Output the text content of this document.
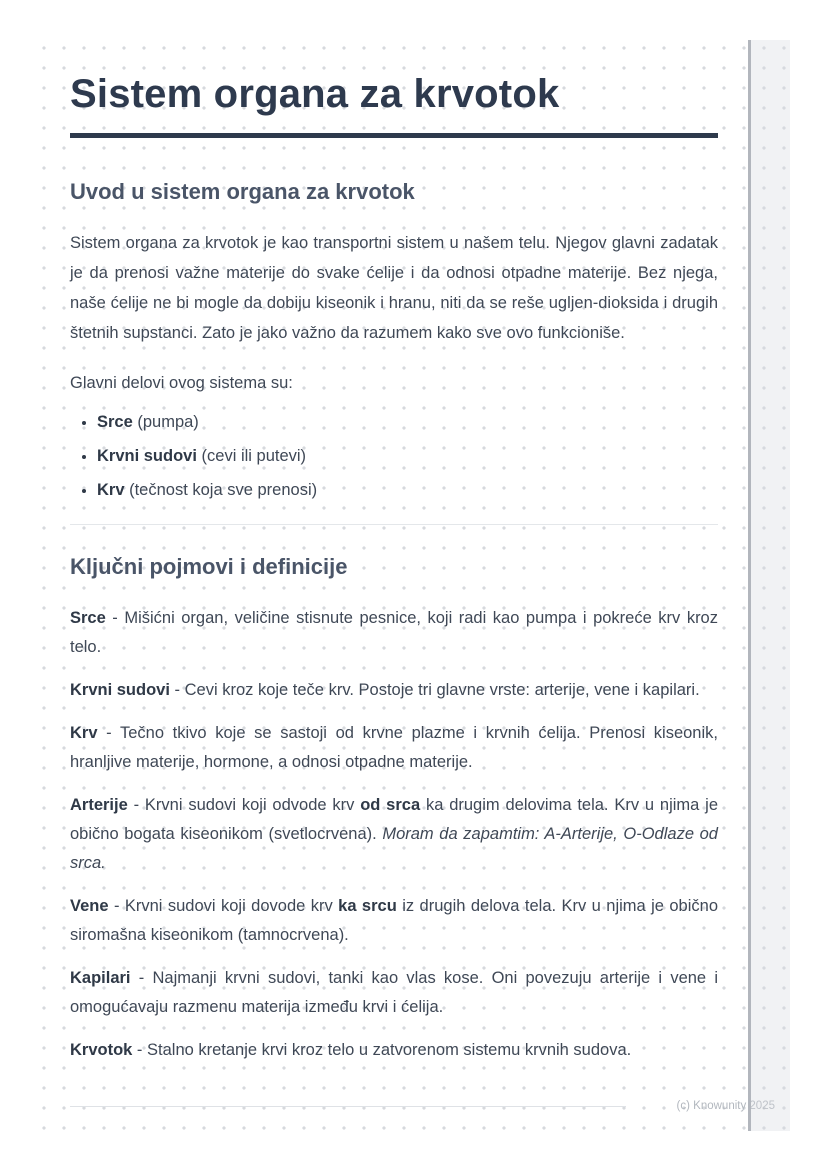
Sistem organa za krvotok
Uvod u sistem organa za krvotok

Sistem organa za krvotok je kao transportni sistem u našem telu. Njegov glavni zadatak je da prenosi važne materije do svake ćelije i da odnosi otpadne materije. Bez njega, naše ćelije ne bi mogle da dobiju kiseonik i hranu, niti da se reše ugljen-dioksida i drugih štetnih supstanci. Zato je jako važno da razumem kako sve ovo funkcioniše.

Glavni delovi ovog sistema su:

• Srce (pumpa)
• Krvni sudovi (cevi ili putevi)
• Krv (tečnost koja sve prenosi)
Ključni pojmovi i definicije

Srce - Mišićni organ, veličine stisnute pesnice, koji radi kao pumpa i pokreće krv kroz telo.

Krvni sudovi - Cevi kroz koje teče krv. Postoje tri glavne vrste: arterije, vene i kapilari.

Krv - Tečno tkivo koje se sastoji od krvne plazme i krvnih ćelija. Prenosi kiseonik, hranljive materije, hormone, a odnosi otpadne materije.

Arterije - Krvni sudovi koji odvode krv od srca ka drugim delovima tela. Krv u njima je obično bogata kiseonikom (svetlocrvena). Moram da zapamtim: A-Arterije, O-Odlaze od srca.

Vene - Krvni sudovi koji dovode krv ka srcu iz drugih delova tela. Krv u njima je obično siromašna kiseonikom (tamnocrvena).

Kapilari - Najmanji krvni sudovi, tanki kao vlas kose. Oni povezuju arterije i vene i omogućavaju razmenu materija između krvi i ćelija.

Krvotok - Stalno kretanje krvi kroz telo u zatvorenom sistemu krvnih sudova.

(c) Knowunity 2025
